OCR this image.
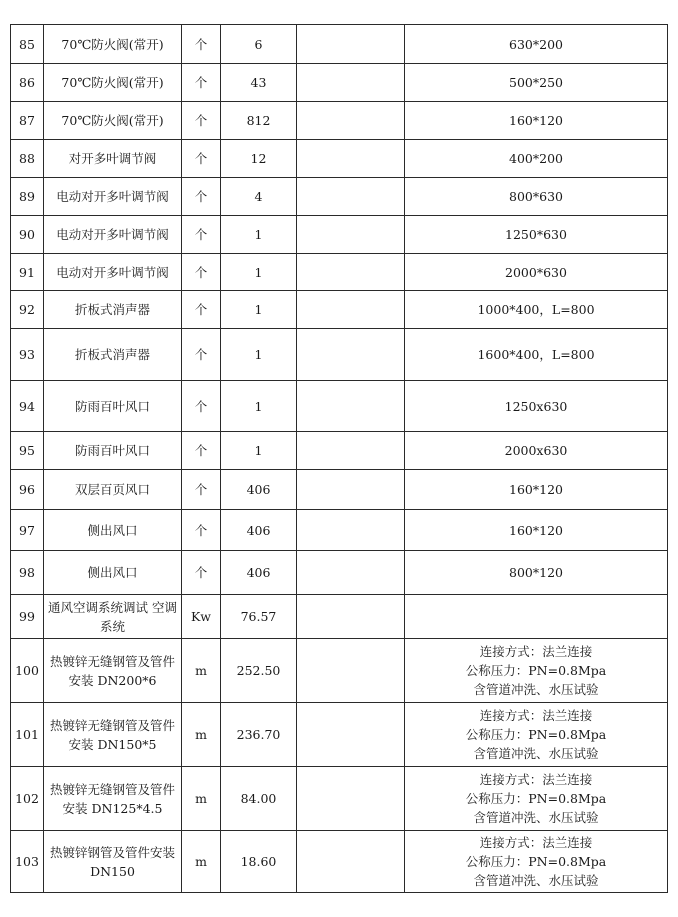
85	70℃防火阀(常开)	个	6		630*200

86	70℃防火阀(常开)	个	43		500*250

87	70℃防火阀(常开)	个	812		160*120

88	对开多叶调节阀	个	12		400*200

89	电动对开多叶调节阀	个	4		800*630

90	电动对开多叶调节阀	个	1		1250*630

91	电动对开多叶调节阀	个	1		2000*630

92	折板式消声器	个	1		1000*400，L=800

93	折板式消声器	个	1		1600*400，L=800

94	防雨百叶风口	个	1		1250x630

95	防雨百叶风口	个	1		2000x630

96	双层百页风口	个	406		160*120

97	侧出风口	个	406		160*120

98	侧出风口	个	406		800*120

99	通风空调系统调试 空调系统	Kw	76.57		
100	热镀锌无缝钢管及管件安装 DN200*6	m	252.50		连接方式：法兰连接
公称压力：PN=0.8Mpa
含管道冲洗、水压试验

101	热镀锌无缝钢管及管件安装 DN150*5	m	236.70		连接方式：法兰连接
公称压力：PN=0.8Mpa
含管道冲洗、水压试验

102	热镀锌无缝钢管及管件安装 DN125*4.5	m	84.00		连接方式：法兰连接
公称压力：PN=0.8Mpa
含管道冲洗、水压试验

103	热镀锌钢管及管件安装 DN150	m	18.60		连接方式：法兰连接
公称压力：PN=0.8Mpa
含管道冲洗、水压试验
